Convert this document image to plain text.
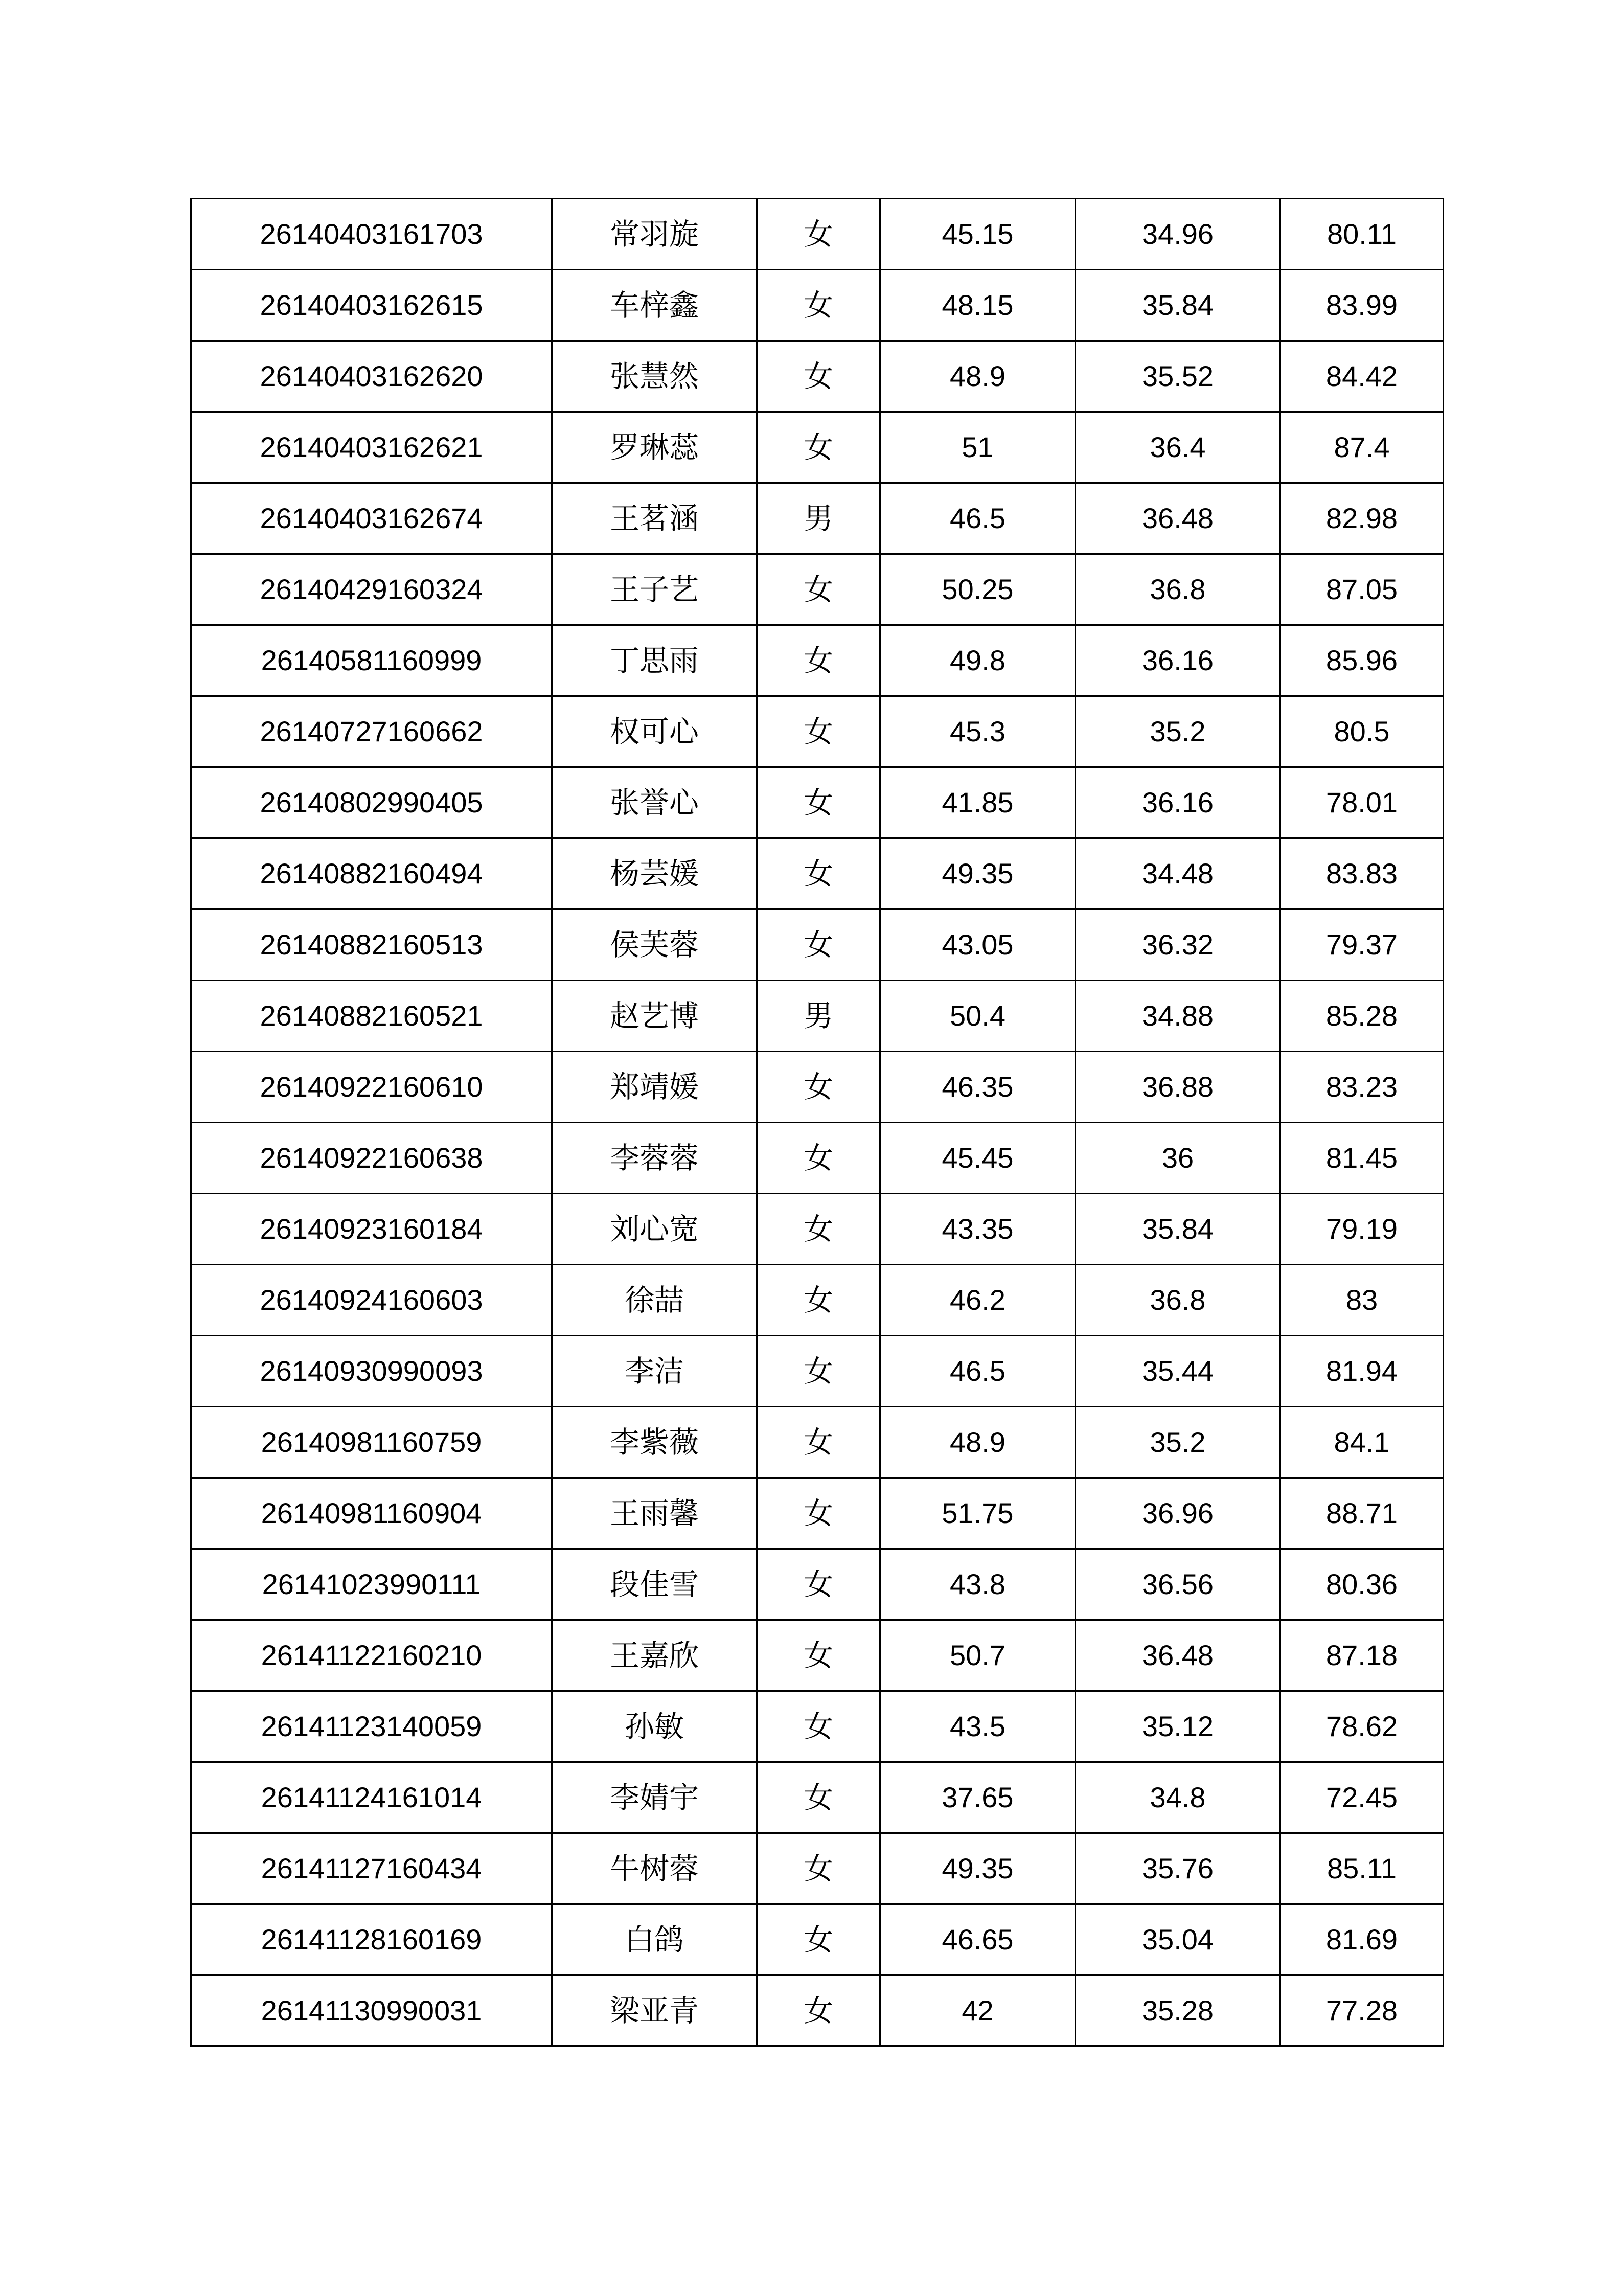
26140403161703	常羽旋	女	45.15	34.96	80.11
26140403162615	车梓鑫	女	48.15	35.84	83.99
26140403162620	张慧然	女	48.9	35.52	84.42
26140403162621	罗琳蕊	女	51	36.4	87.4
26140403162674	王茗涵	男	46.5	36.48	82.98
26140429160324	王子艺	女	50.25	36.8	87.05
26140581160999	丁思雨	女	49.8	36.16	85.96
26140727160662	权可心	女	45.3	35.2	80.5
26140802990405	张誉心	女	41.85	36.16	78.01
26140882160494	杨芸媛	女	49.35	34.48	83.83
26140882160513	侯芙蓉	女	43.05	36.32	79.37
26140882160521	赵艺博	男	50.4	34.88	85.28
26140922160610	郑靖媛	女	46.35	36.88	83.23
26140922160638	李蓉蓉	女	45.45	36	81.45
26140923160184	刘心宽	女	43.35	35.84	79.19
26140924160603	徐喆	女	46.2	36.8	83
26140930990093	李洁	女	46.5	35.44	81.94
26140981160759	李紫薇	女	48.9	35.2	84.1
26140981160904	王雨馨	女	51.75	36.96	88.71
26141023990111	段佳雪	女	43.8	36.56	80.36
26141122160210	王嘉欣	女	50.7	36.48	87.18
26141123140059	孙敏	女	43.5	35.12	78.62
26141124161014	李婧宇	女	37.65	34.8	72.45
26141127160434	牛树蓉	女	49.35	35.76	85.11
26141128160169	白鸽	女	46.65	35.04	81.69
26141130990031	梁亚青	女	42	35.28	77.28
